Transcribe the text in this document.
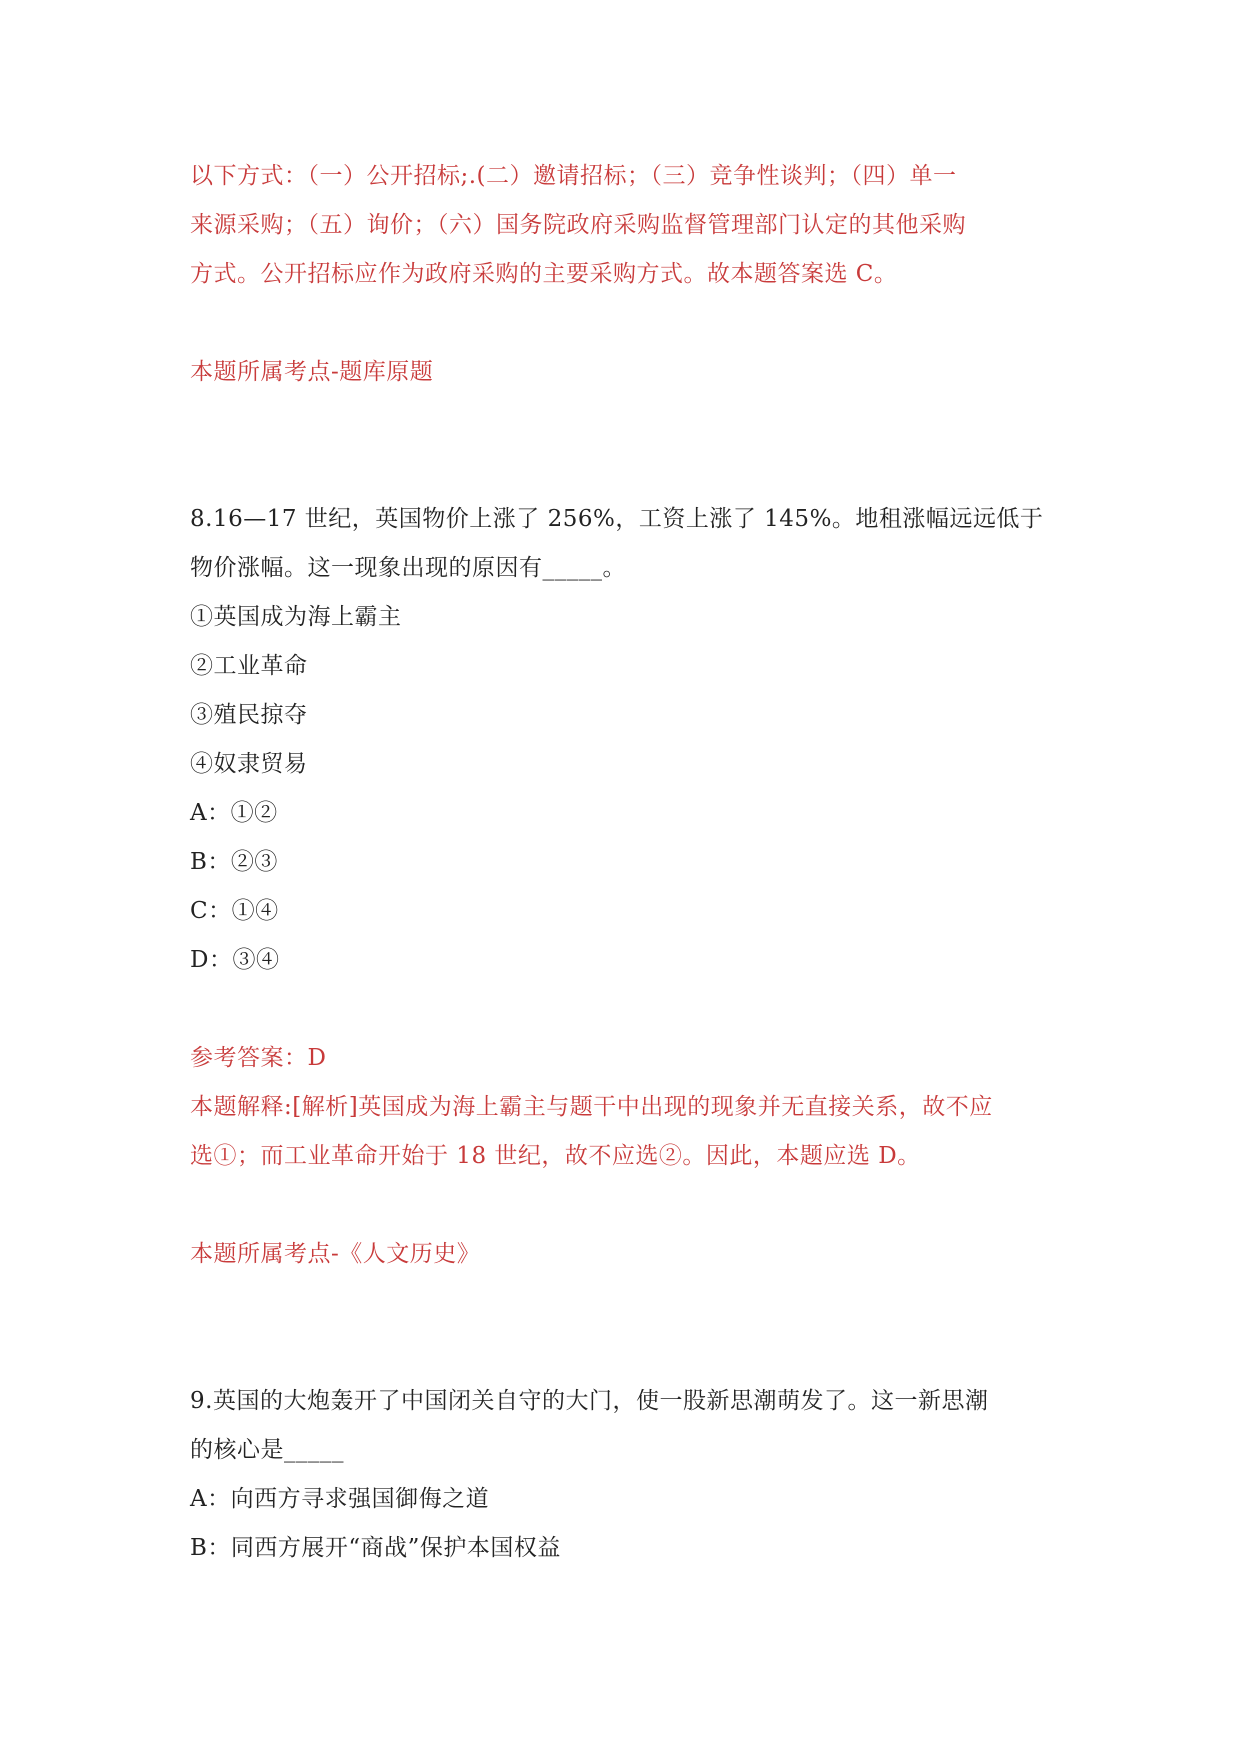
以下方式：（一）公开招标;.(二）邀请招标；（三）竞争性谈判；（四）单一
来源采购；（五）询价；（六）国务院政府采购监督管理部门认定的其他采购
方式。公开招标应作为政府采购的主要采购方式。故本题答案选 C。
本题所属考点-题库原题
8.16—17 世纪，英国物价上涨了 256%，工资上涨了 145%。地租涨幅远远低于
物价涨幅。这一现象出现的原因有_____。
①英国成为海上霸主
②工业革命
③殖民掠夺
④奴隶贸易
A：①②
B：②③
C：①④
D：③④
参考答案：D
本题解释:[解析]英国成为海上霸主与题干中出现的现象并无直接关系，故不应
选①；而工业革命开始于 18 世纪，故不应选②。因此，本题应选 D。
本题所属考点-《人文历史》
9.英国的大炮轰开了中国闭关自守的大门，使一股新思潮萌发了。这一新思潮
的核心是_____
A：向西方寻求强国御侮之道
B：同西方展开“商战”保护本国权益
